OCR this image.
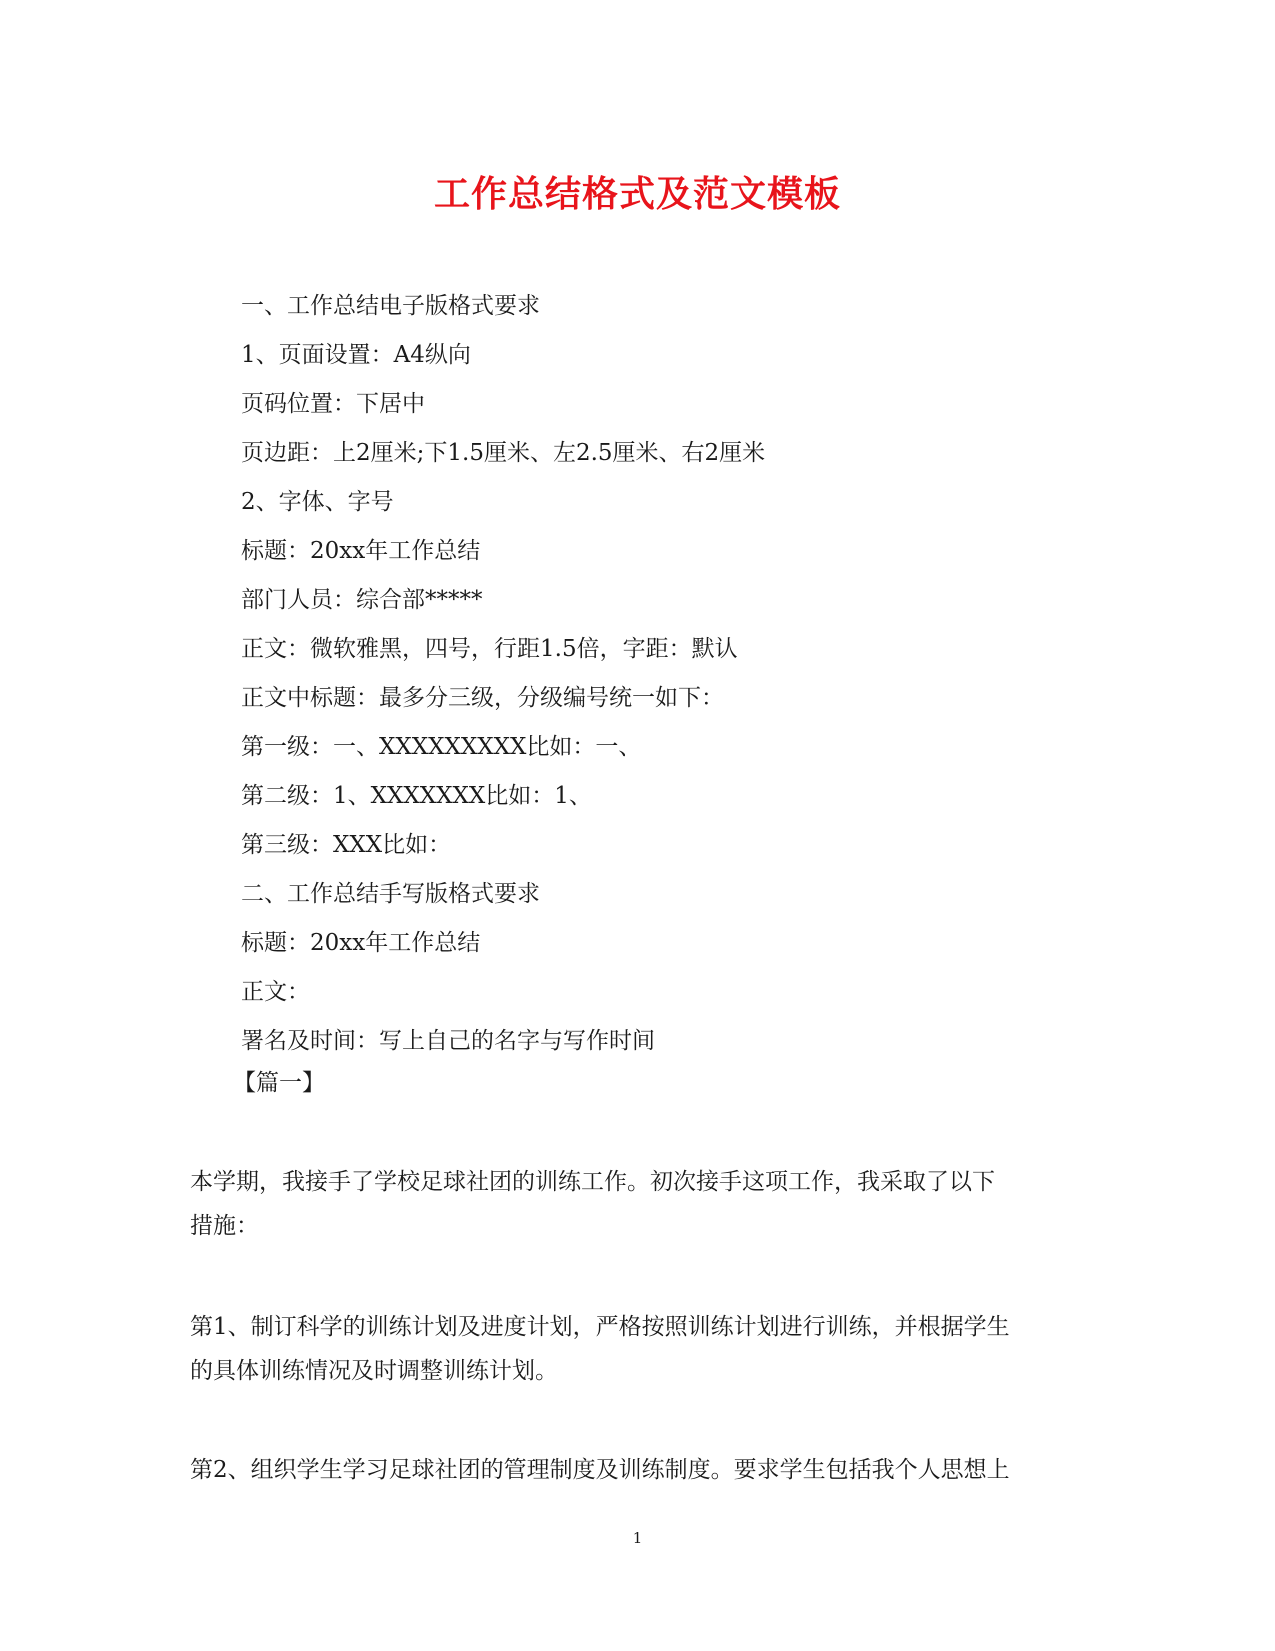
工作总结格式及范文模板
一、工作总结电子版格式要求
1、页面设置：A4纵向
页码位置：下居中
页边距：上2厘米;下1.5厘米、左2.5厘米、右2厘米
2、字体、字号
标题：20xx年工作总结
部门人员：综合部*****
正文：微软雅黑，四号，行距1.5倍，字距：默认
正文中标题：最多分三级，分级编号统一如下：
第一级：一、XXXXXXXXX比如：一、
第二级：1、XXXXXXX比如：1、
第三级：XXX比如：
二、工作总结手写版格式要求
标题：20xx年工作总结
正文：
署名及时间：写上自己的名字与写作时间
【篇一】
本学期，我接手了学校足球社团的训练工作。初次接手这项工作，我采取了以下
措施：
第1、制订科学的训练计划及进度计划，严格按照训练计划进行训练，并根据学生
的具体训练情况及时调整训练计划。
第2、组织学生学习足球社团的管理制度及训练制度。要求学生包括我个人思想上
1
